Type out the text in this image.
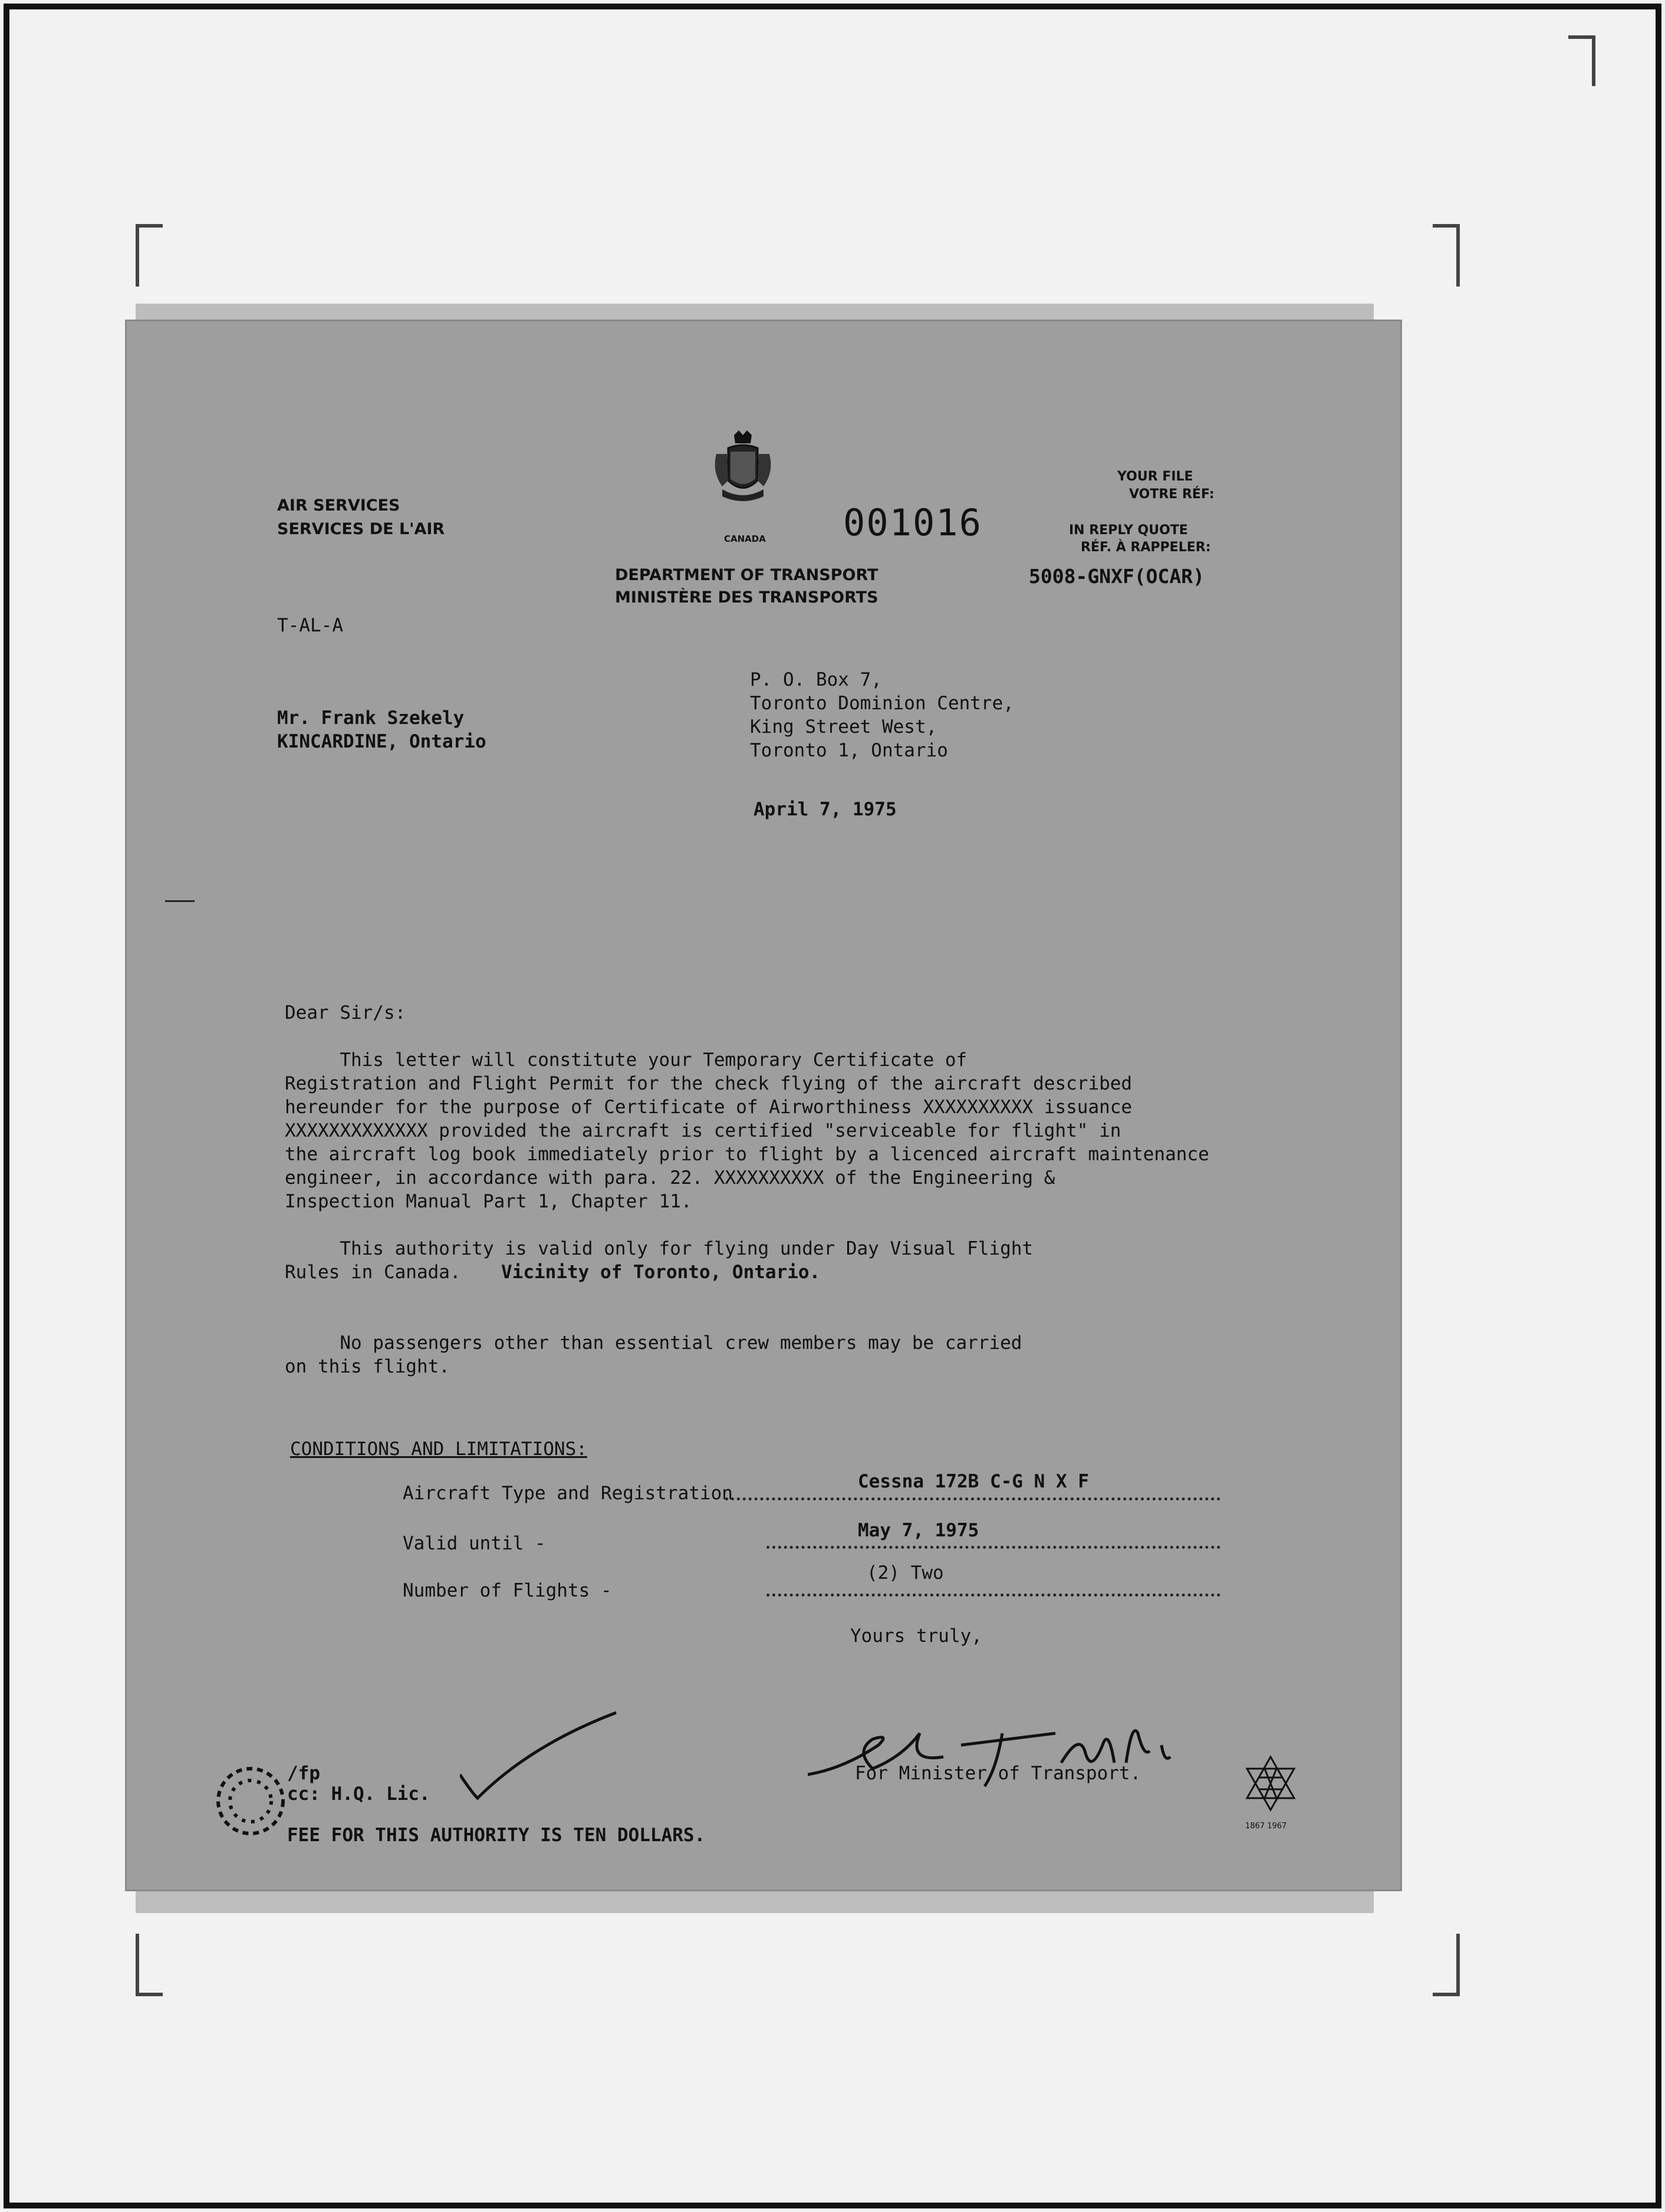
AIR SERVICES
SERVICES DE L'AIR
CANADA 001016
DEPARTMENT OF TRANSPORT
MINISTÈRE DES TRANSPORTS
YOUR FILE
VOTRE RÉF:
IN REPLY QUOTE
RÉF. À RAPPELER:
5008-GNXF(OCAR)
T-AL-A
Mr. Frank Szekely
KINCARDINE, Ontario
P. O. Box 7,
Toronto Dominion Centre,
King Street West,
Toronto 1, Ontario
April 7, 1975
Dear Sir/s:
This letter will constitute your Temporary Certificate of
Registration and Flight Permit for the check flying of the aircraft described
hereunder for the purpose of Certificate of Airworthiness XXXXXXXXXX issuance
XXXXXXXXXXXXX provided the aircraft is certified "serviceable for flight" in
the aircraft log book immediately prior to flight by a licenced aircraft maintenance
engineer, in accordance with para. 22. XXXXXXXXXX of the Engineering &
Inspection Manual Part 1, Chapter 11.
This authority is valid only for flying under Day Visual Flight
Rules in Canada. Vicinity of Toronto, Ontario.
No passengers other than essential crew members may be carried
on this flight.
CONDITIONS AND LIMITATIONS:
Aircraft Type and Registration
Cessna 172B C-G N X F
Valid until -
May 7, 1975
Number of Flights -
(2) Two
Yours truly,
For Minister of Transport.
/fp
cc: H.Q. Lic.
FEE FOR THIS AUTHORITY IS TEN DOLLARS.	1867 1967
